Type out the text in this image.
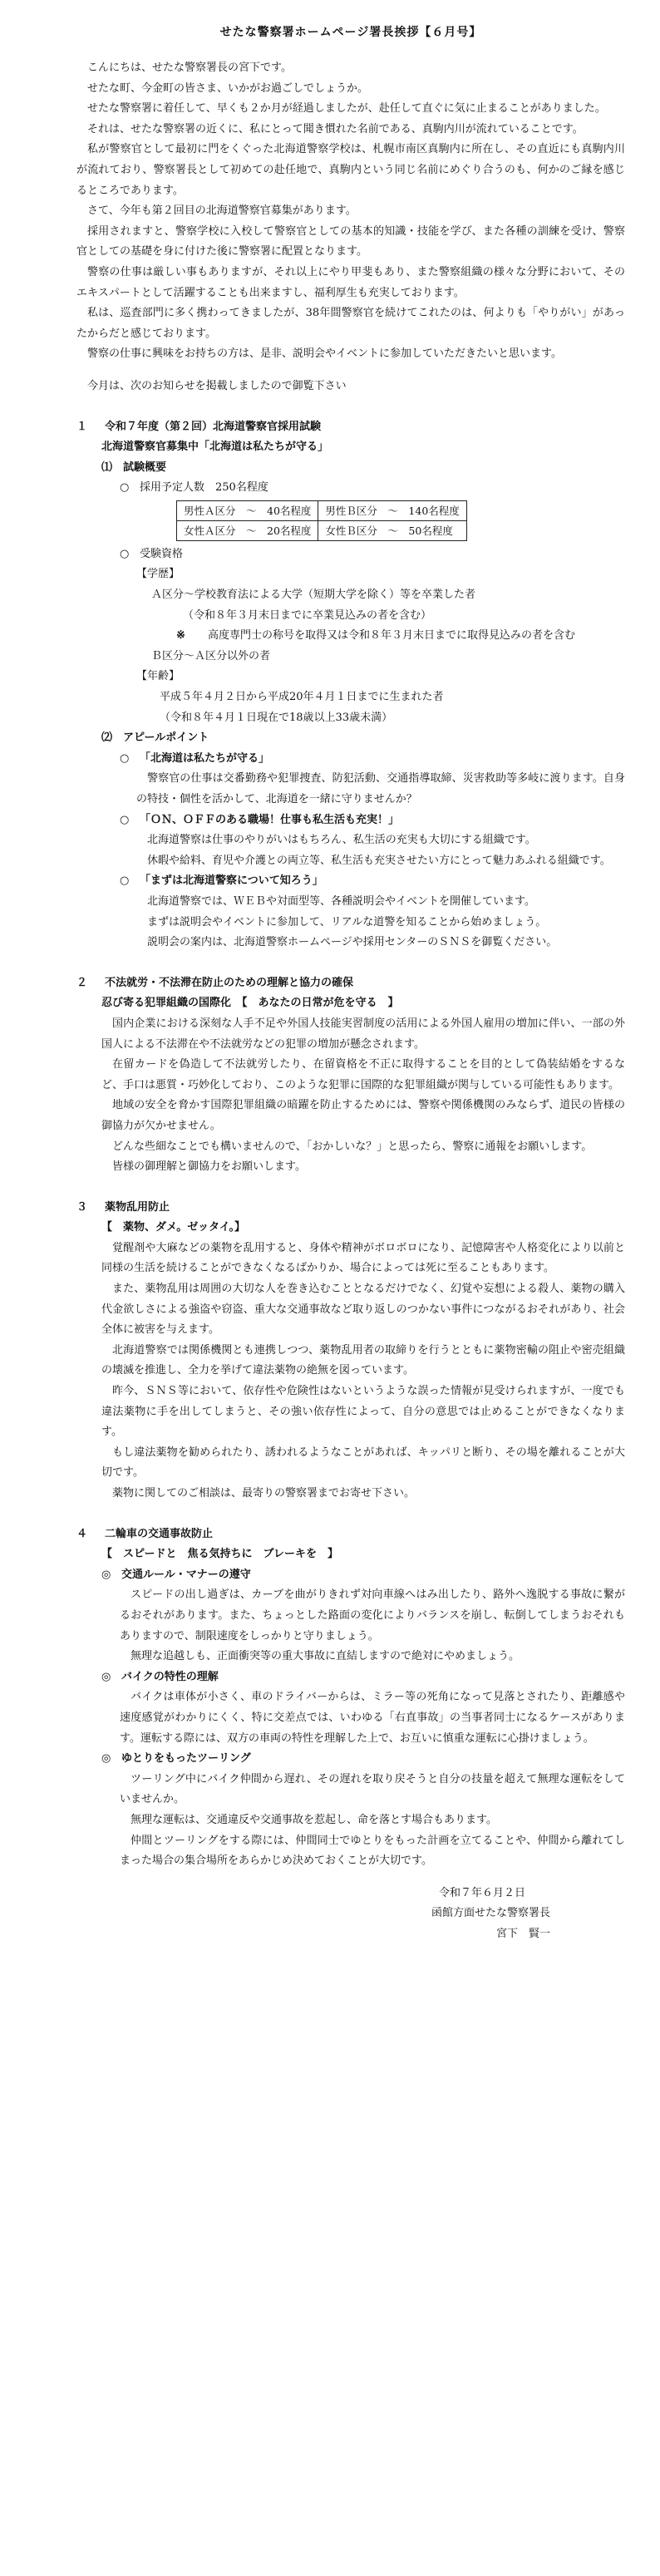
せたな警察署ホームページ署長挨拶【６月号】

こんにちは、せたな警察署長の宮下です。

せたな町、今金町の皆さま、いかがお過ごしでしょうか。

せたな警察署に着任して、早くも２か月が経過しましたが、赴任して直ぐに気に止まることがありました。

それは、せたな警察署の近くに、私にとって聞き慣れた名前である、真駒内川が流れていることです。

私が警察官として最初に門をくぐった北海道警察学校は、札幌市南区真駒内に所在し、その直近にも真駒内川が流れており、警察署長として初めての赴任地で、真駒内という同じ名前にめぐり合うのも、何かのご縁を感じるところであります。

さて、今年も第２回目の北海道警察官募集があります。

採用されますと、警察学校に入校して警察官としての基本的知識・技能を学び、また各種の訓練を受け、警察官としての基礎を身に付けた後に警察署に配置となります。

警察の仕事は厳しい事もありますが、それ以上にやり甲斐もあり、また警察組織の様々な分野において、そのエキスパートとして活躍することも出来ますし、福利厚生も充実しております。

私は、巡査部門に多く携わってきましたが、38年間警察官を続けてこれたのは、何よりも「やりがい」があったからだと感じております。

警察の仕事に興味をお持ちの方は、是非、説明会やイベントに参加していただきたいと思います。

今月は、次のお知らせを掲載しましたので御覧下さい

１ 令和７年度（第２回）北海道警察官採用試験

北海道警察官募集中「北海道は私たちが守る」

⑴　試験概要

○ 採用予定人数　250名程度
男性Ａ区分　～　40名程度	男性Ｂ区分　～　140名程度
女性Ａ区分　～　20名程度	女性Ｂ区分　～　50名程度
○ 受験資格

【学歴】

Ａ区分～学校教育法による大学（短期大学を除く）等を卒業した者

（令和８年３月末日までに卒業見込みの者を含む）

※	高度専門士の称号を取得又は令和８年３月末日までに取得見込みの者を含む

Ｂ区分～Ａ区分以外の者

【年齢】

平成５年４月２日から平成20年４月１日までに生まれた者

（令和８年４月１日現在で18歳以上33歳未満）

⑵　アピールポイント

○ 「北海道は私たちが守る」

警察官の仕事は交番勤務や犯罪捜査、防犯活動、交通指導取締、災害救助等多岐に渡ります。自身の特技・個性を活かして、北海道を一緒に守りませんか？

○ 「ＯＮ、ＯＦＦのある職場！仕事も私生活も充実！」

北海道警察は仕事のやりがいはもちろん、私生活の充実も大切にする組織です。

休暇や給料、育児や介護との両立等、私生活も充実させたい方にとって魅力あふれる組織です。

○ 「まずは北海道警察について知ろう」

北海道警察では、ＷＥＢや対面型等、各種説明会やイベントを開催しています。

まずは説明会やイベントに参加して、リアルな道警を知ることから始めましょう。

説明会の案内は、北海道警察ホームページや採用センターのＳＮＳを御覧ください。

２ 不法就労・不法滞在防止のための理解と協力の確保

忍び寄る犯罪組織の国際化　【　あなたの日常が危を守る　】

国内企業における深刻な人手不足や外国人技能実習制度の活用による外国人雇用の増加に伴い、一部の外国人による不法滞在や不法就労などの犯罪の増加が懸念されます。

在留カードを偽造して不法就労したり、在留資格を不正に取得することを目的として偽装結婚をするなど、手口は悪質・巧妙化しており、このような犯罪に国際的な犯罪組織が関与している可能性もあります。

地域の安全を脅かす国際犯罪組織の暗躍を防止するためには、警察や関係機関のみならず、道民の皆様の御協力が欠かせません。

どんな些細なことでも構いませんので、「おかしいな？」と思ったら、警察に通報をお願いします。

皆様の御理解と御協力をお願いします。

３ 薬物乱用防止

【　薬物、ダメ。ゼッタイ。】

覚醒剤や大麻などの薬物を乱用すると、身体や精神がボロボロになり、記憶障害や人格変化により以前と同様の生活を続けることができなくなるばかりか、場合によっては死に至ることもあります。

また、薬物乱用は周囲の大切な人を巻き込むこととなるだけでなく、幻覚や妄想による殺人、薬物の購入代金欲しさによる強盗や窃盗、重大な交通事故など取り返しのつかない事件につながるおそれがあり、社会全体に被害を与えます。

北海道警察では関係機関とも連携しつつ、薬物乱用者の取締りを行うとともに薬物密輸の阻止や密売組織の壊滅を推進し、全力を挙げて違法薬物の絶無を図っています。

昨今、ＳＮＳ等において、依存性や危険性はないというような誤った情報が見受けられますが、一度でも違法薬物に手を出してしまうと、その強い依存性によって、自分の意思では止めることができなくなります。

もし違法薬物を勧められたり、誘われるようなことがあれば、キッパリと断り、その場を離れることが大切です。

薬物に関してのご相談は、最寄りの警察署までお寄せ下さい。

４ 二輪車の交通事故防止

【　スピードと　焦る気持ちに　ブレーキを　】

◎ 交通ルール・マナーの遵守

スピードの出し過ぎは、カーブを曲がりきれず対向車線へはみ出したり、路外へ逸脱する事故に繋がるおそれがあります。また、ちょっとした路面の変化によりバランスを崩し、転倒してしまうおそれもありますので、制限速度をしっかりと守りましょう。

無理な追越しも、正面衝突等の重大事故に直結しますので絶対にやめましょう。

◎ バイクの特性の理解

バイクは車体が小さく、車のドライバーからは、ミラー等の死角になって見落とされたり、距離感や速度感覚がわかりにくく、特に交差点では、いわゆる「右直事故」の当事者同士になるケースがあります。運転する際には、双方の車両の特性を理解した上で、お互いに慎重な運転に心掛けましょう。

◎ ゆとりをもったツーリング

ツーリング中にバイク仲間から遅れ、その遅れを取り戻そうと自分の技量を超えて無理な運転をしていませんか。

無理な運転は、交通違反や交通事故を惹起し、命を落とす場合もあります。

仲間とツーリングをする際には、仲間同士でゆとりをもった計画を立てることや、仲間から離れてしまった場合の集合場所をあらかじめ決めておくことが大切です。

令和７年６月２日

函館方面せたな警察署長

宮下　賢一
